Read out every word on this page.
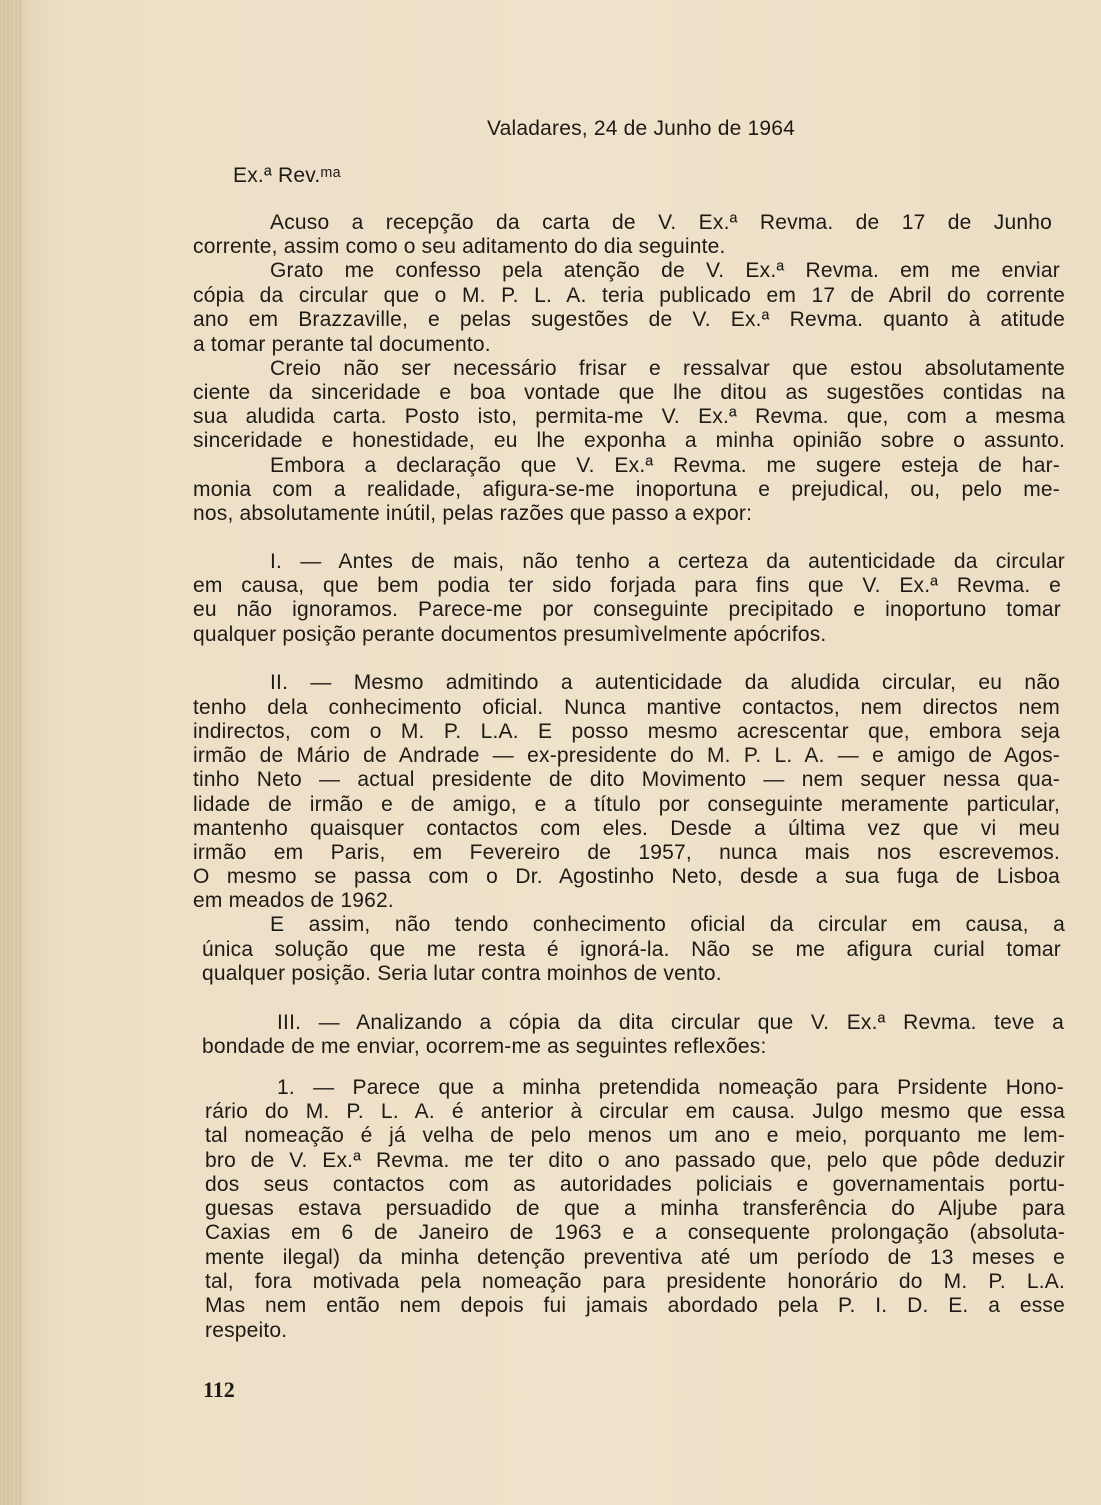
Valadares, 24 de Junho de 1964
Ex.ª Rev.ᵐᵃ
Acuso a recepção da carta de V. Ex.ª Revma. de 17 de Junho
corrente, assim como o seu aditamento do dia seguinte.
Grato me confesso pela atenção de V. Ex.ª Revma. em me enviar
cópia da circular que o M. P. L. A. teria publicado em 17 de Abril do corrente
ano em Brazzaville, e pelas sugestões de V. Ex.ª Revma. quanto à atitude
a tomar perante tal documento.
Creio não ser necessário frisar e ressalvar que estou absolutamente
ciente da sinceridade e boa vontade que lhe ditou as sugestões contidas na
sua aludida carta. Posto isto, permita-me V. Ex.ª Revma. que, com a mesma
sinceridade e honestidade, eu lhe exponha a minha opinião sobre o assunto.
Embora a declaração que V. Ex.ª Revma. me sugere esteja de har-
monia com a realidade, afigura-se-me inoportuna e prejudical, ou, pelo me-
nos, absolutamente inútil, pelas razões que passo a expor:
I. — Antes de mais, não tenho a certeza da autenticidade da circular
em causa, que bem podia ter sido forjada para fins que V. Ex.ª Revma. e
eu não ignoramos. Parece-me por conseguinte precipitado e inoportuno tomar
qualquer posição perante documentos presumìvelmente apócrifos.
II. — Mesmo admitindo a autenticidade da aludida circular, eu não
tenho dela conhecimento oficial. Nunca mantive contactos, nem directos nem
indirectos, com o M. P. L.A. E posso mesmo acrescentar que, embora seja
irmão de Mário de Andrade — ex-presidente do M. P. L. A. — e amigo de Agos-
tinho Neto — actual presidente de dito Movimento — nem sequer nessa qua-
lidade de irmão e de amigo, e a título por conseguinte meramente particular,
mantenho quaisquer contactos com eles. Desde a última vez que vi meu
irmão em Paris, em Fevereiro de 1957, nunca mais nos escrevemos.
O mesmo se passa com o Dr. Agostinho Neto, desde a sua fuga de Lisboa
em meados de 1962.
E assim, não tendo conhecimento oficial da circular em causa, a
única solução que me resta é ignorá-la. Não se me afigura curial tomar
qualquer posição. Seria lutar contra moinhos de vento.
III. — Analizando a cópia da dita circular que V. Ex.ª Revma. teve a
bondade de me enviar, ocorrem-me as seguintes reflexões:
1. — Parece que a minha pretendida nomeação para Prsidente Hono-
rário do M. P. L. A. é anterior à circular em causa. Julgo mesmo que essa
tal nomeação é já velha de pelo menos um ano e meio, porquanto me lem-
bro de V. Ex.ª Revma. me ter dito o ano passado que, pelo que pôde deduzir
dos seus contactos com as autoridades policiais e governamentais portu-
guesas estava persuadido de que a minha transferência do Aljube para
Caxias em 6 de Janeiro de 1963 e a consequente prolongação (absoluta-
mente ilegal) da minha detenção preventiva até um período de 13 meses e
tal, fora motivada pela nomeação para presidente honorário do M. P. L.A.
Mas nem então nem depois fui jamais abordado pela P. I. D. E. a esse
respeito.
112
